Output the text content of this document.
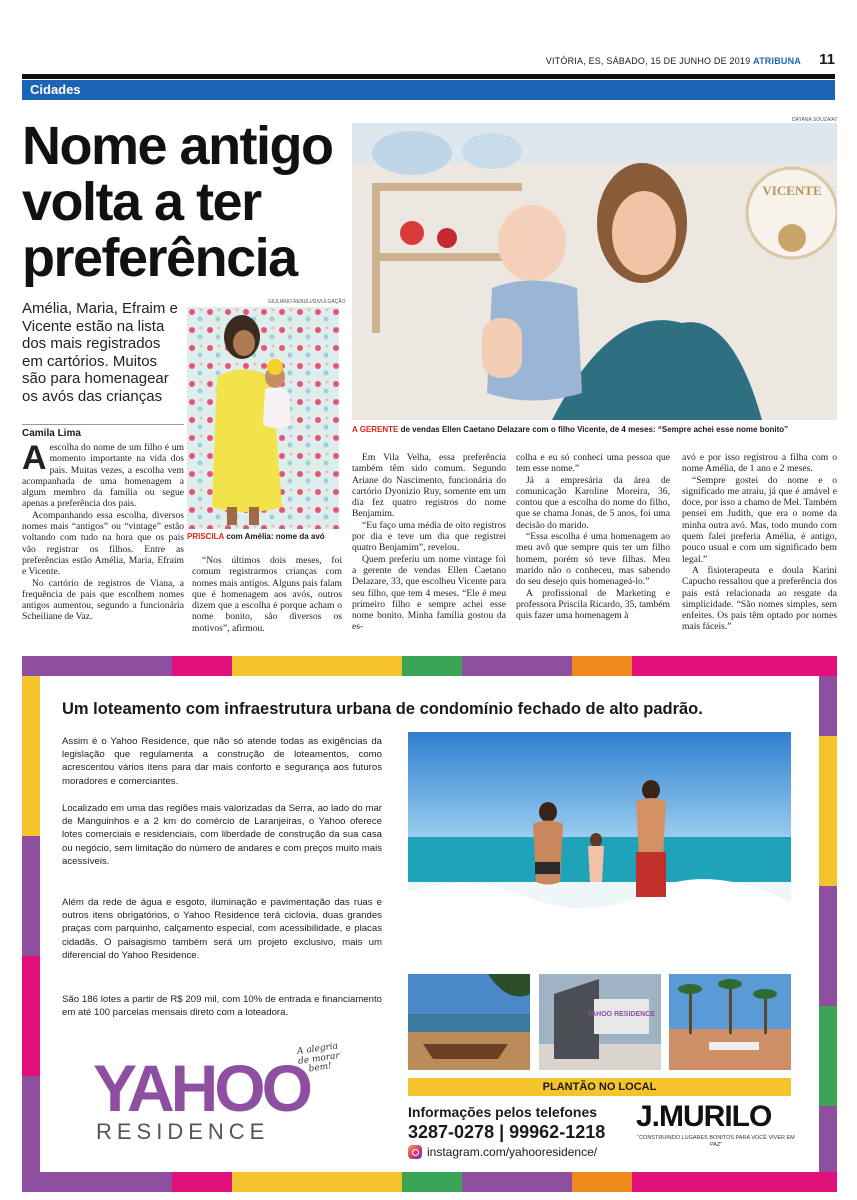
VITÓRIA, ES, SÁBADO, 15 DE JUNHO DE 2019 ATRIBUNA 11
Cidades
Nome antigo volta a ter preferência
Amélia, Maria, Efraim e Vicente estão na lista dos mais registrados em cartórios. Muitos são para homenagear os avós das crianças
Camila Lima
GIULIANO REBULI/DIVULGAÇÃO
PRISCILA com Amélia: nome da avó
DAYANA SOUZA/AT
VICENTE
A GERENTE de vendas Ellen Caetano Delazare com o filho Vicente, de 4 meses: “Sempre achei esse nome bonito”

Aescolha do nome de um filho é um momento importante na vida dos pais. Muitas vezes, a escolha vem acompanhada de uma homenagem a algum membro da família ou segue apenas a preferência dos pais.

Acompanhando essa escolha, diversos nomes mais “antigos” ou “vintage” estão voltando com tudo na hora que os pais vão registrar os filhos. Entre as preferências estão Amélia, Maria, Efraim e Vicente.

No cartório de registros de Viana, a frequência de pais que escolhem nomes antigos aumentou, segundo a funcionária Scheiliane de Vaz.

“Nos últimos dois meses, foi comum registrarmos crianças com nomes mais antigos. Alguns pais falam que é homenagem aos avós, outros dizem que a escolha é porque acham o nome bonito, são diversos os motivos”, afirmou.

Em Vila Velha, essa preferência também têm sido comum. Segundo Ariane do Nascimento, funcionária do cartório Dyonizio Ruy, somente em um dia fez quatro registros do nome Benjamim.

“Eu faço uma média de oito registros por dia e teve um dia que registrei quatro Benjamim”, revelou.

Quem preferiu um nome vintage foi a gerente de vendas Ellen Caetano Delazare, 33, que escolheu Vicente para seu filho, que tem 4 meses. “Ele é meu primeiro filho e sempre achei esse nome bonito. Minha família gostou da es-

colha e eu só conheci uma pessoa que tem esse nome.”

Já a empresária da área de comunicação Karoline Moreira, 36, contou que a escolha do nome do filho, que se chama Jonas, de 5 anos, foi uma decisão do marido.

“Essa escolha é uma homenagem ao meu avô que sempre quis ter um filho homem, porém só teve filhas. Meu marido não o conheceu, mas sabendo do seu desejo quis homenageá-lo.”

A profissional de Marketing e professora Priscila Ricardo, 35, também quis fazer uma homenagem à

avó e por isso registrou a filha com o nome Amélia, de 1 ano e 2 meses.

“Sempre gostei do nome e o significado me atraiu, já que é amável e doce, por isso a chamo de Mel. Também pensei em Judith, que era o nome da minha outra avó. Mas, todo mundo com quem falei preferia Amélia, é antigo, pouco usual e com um significado bem legal.”

A fisioterapeuta e doula Karini Capucho ressaltou que a preferência dos pais está relacionada ao resgate da simplicidade. “São nomes simples, sem enfeites. Os pais têm optado por nomes mais fáceis.”

Um loteamento com infraestrutura urbana de condomínio fechado de alto padrão.
Assim é o Yahoo Residence, que não só atende todas as exigências da legislação que regulamenta a construção de loteamentos, como acrescentou vários itens para dar mais conforto e segurança aos futuros moradores e comerciantes.
Localizado em uma das regiões mais valorizadas da Serra, ao lado do mar de Manguinhos e a 2 km do comércio de Laranjeiras, o Yahoo oferece lotes comerciais e residenciais, com liberdade de construção da sua casa ou negócio, sem limitação do número de andares e com preços muito mais acessíveis.
Além da rede de água e esgoto, iluminação e pavimentação das ruas e outros itens obrigatórios, o Yahoo Residence terá ciclovia, duas grandes praças com parquinho, calçamento especial, com acessibilidade, e placas cidadãs. O paisagismo também será um projeto exclusivo, mais um diferencial do Yahoo Residence.
São 186 lotes a partir de R$ 209 mil, com 10% de entrada e financiamento em até 100 parcelas mensais direto com a loteadora.
YAHOO
RESIDENCE
A alegria de morar bem!
YAHOO RESIDENCE
PLANTÃO NO LOCAL
Informações pelos telefones
3287-0278 | 99962-1218
instagram.com/yahooresidence/
J.MURILO
“CONSTRUINDO LUGARES BONITOS PARA VOCÊ VIVER EM PAZ”
